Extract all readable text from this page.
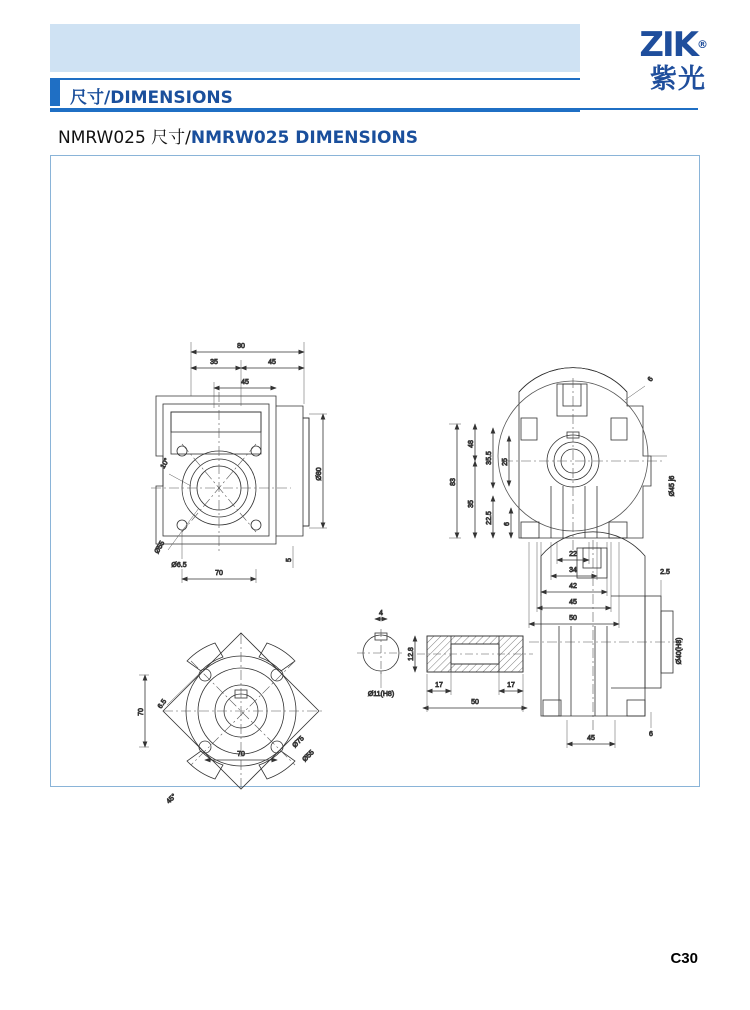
ZIK®
紫光
尺寸/DIMENSIONS
NMRW025 尺寸/NMRW025 DIMENSIONS
80
35	45
45
Ø80
10°
Ø55
Ø6.5
70
5
6
83
48
35
35.5 25
22.5 6
Ø45 j6
22
34
42
45
50
6.5
Ø75
Ø55
45°
70
70
Ø11(H8)
4
12.8
17	17
50
2.5
Ø40(H8)
45
6
C30
